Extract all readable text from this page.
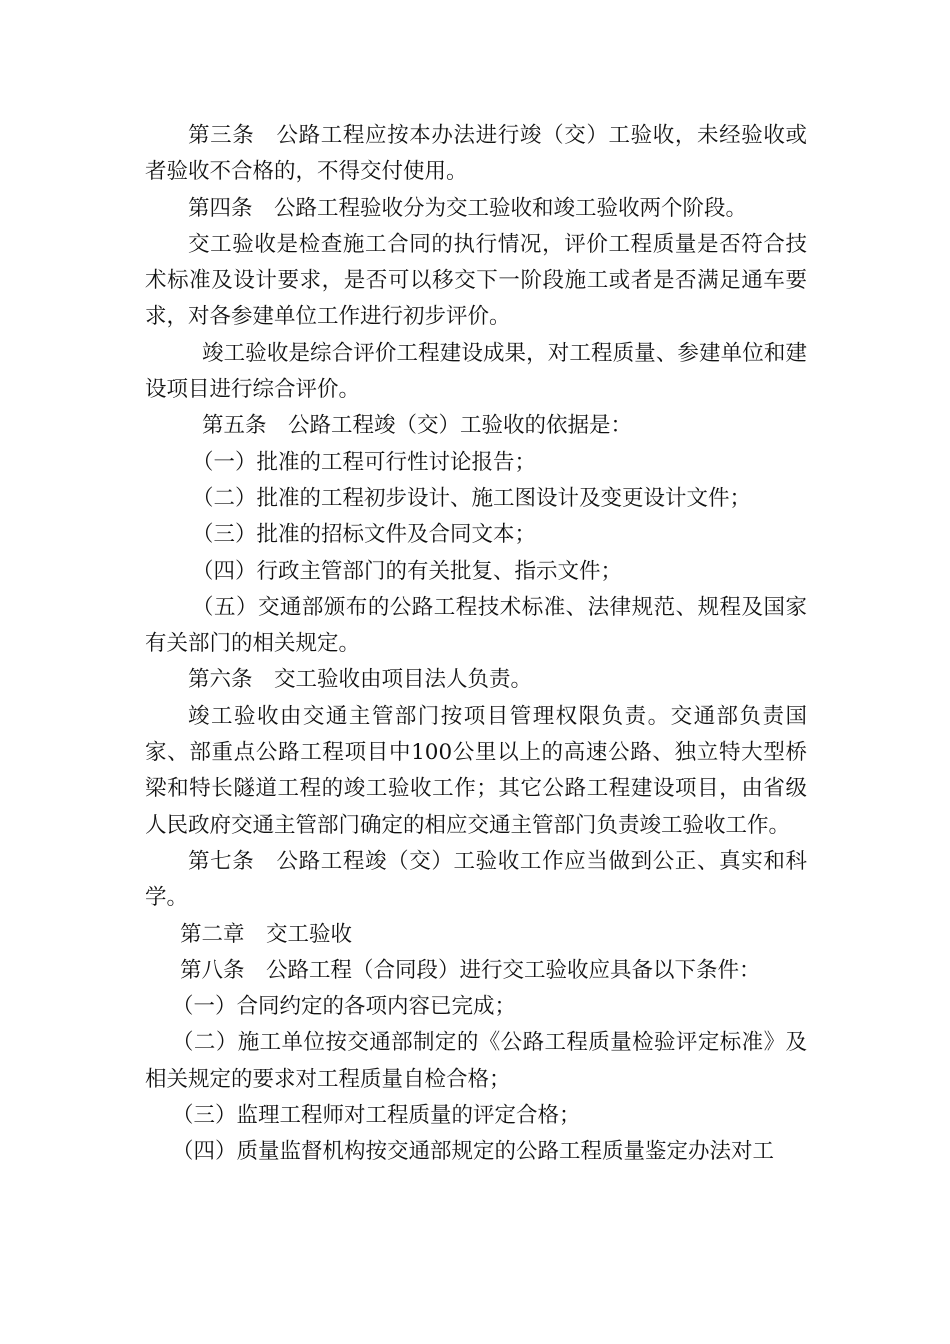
第三条　公路工程应按本办法进行竣（交）工验收，未经验收或者验收不合格的，不得交付使用。

第四条　公路工程验收分为交工验收和竣工验收两个阶段。

交工验收是检查施工合同的执行情况，评价工程质量是否符合技术标准及设计要求，是否可以移交下一阶段施工或者是否满足通车要求，对各参建单位工作进行初步评价。

竣工验收是综合评价工程建设成果，对工程质量、参建单位和建设项目进行综合评价。

第五条　公路工程竣（交）工验收的依据是：

（一）批准的工程可行性讨论报告；

（二）批准的工程初步设计、施工图设计及变更设计文件；

（三）批准的招标文件及合同文本；

（四）行政主管部门的有关批复、指示文件；

（五）交通部颁布的公路工程技术标准、法律规范、规程及国家有关部门的相关规定。

第六条　交工验收由项目法人负责。

竣工验收由交通主管部门按项目管理权限负责。交通部负责国家、部重点公路工程项目中100公里以上的高速公路、独立特大型桥梁和特长隧道工程的竣工验收工作；其它公路工程建设项目，由省级人民政府交通主管部门确定的相应交通主管部门负责竣工验收工作。

第七条　公路工程竣（交）工验收工作应当做到公正、真实和科学。

第二章　交工验收

第八条　公路工程（合同段）进行交工验收应具备以下条件：

（一）合同约定的各项内容已完成；

（二）施工单位按交通部制定的《公路工程质量检验评定标准》及相关规定的要求对工程质量自检合格；

（三）监理工程师对工程质量的评定合格；

（四）质量监督机构按交通部规定的公路工程质量鉴定办法对工
